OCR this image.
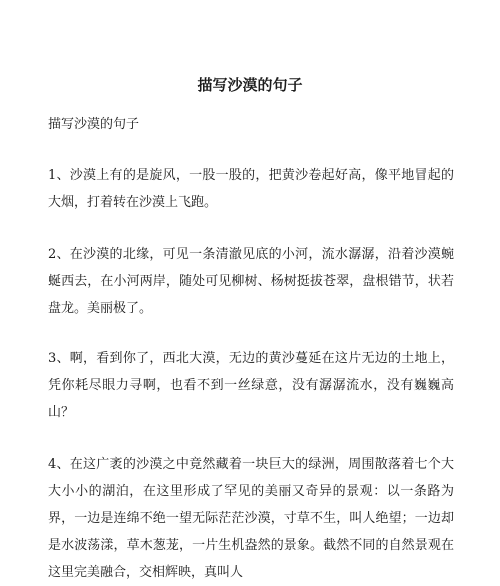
描写沙漠的句子
描写沙漠的句子
1、沙漠上有的是旋风，一股一股的，把黄沙卷起好高，像平地冒起的大烟，打着转在沙漠上飞跑。
2、在沙漠的北缘，可见一条清澈见底的小河，流水潺潺，沿着沙漠蜿蜒西去，在小河两岸，随处可见柳树、杨树挺拔苍翠，盘根错节，状若盘龙。美丽极了。
3、啊，看到你了，西北大漠，无边的黄沙蔓延在这片无边的土地上，凭你耗尽眼力寻啊，也看不到一丝绿意，没有潺潺流水，没有巍巍高山？
4、在这广袤的沙漠之中竟然藏着一块巨大的绿洲，周围散落着七个大大小小的湖泊，在这里形成了罕见的美丽又奇异的景观：以一条路为界，一边是连绵不绝一望无际茫茫沙漠，寸草不生，叫人绝望；一边却是水波荡漾，草木葱茏，一片生机盎然的景象。截然不同的自然景观在这里完美融合，交相辉映，真叫人
